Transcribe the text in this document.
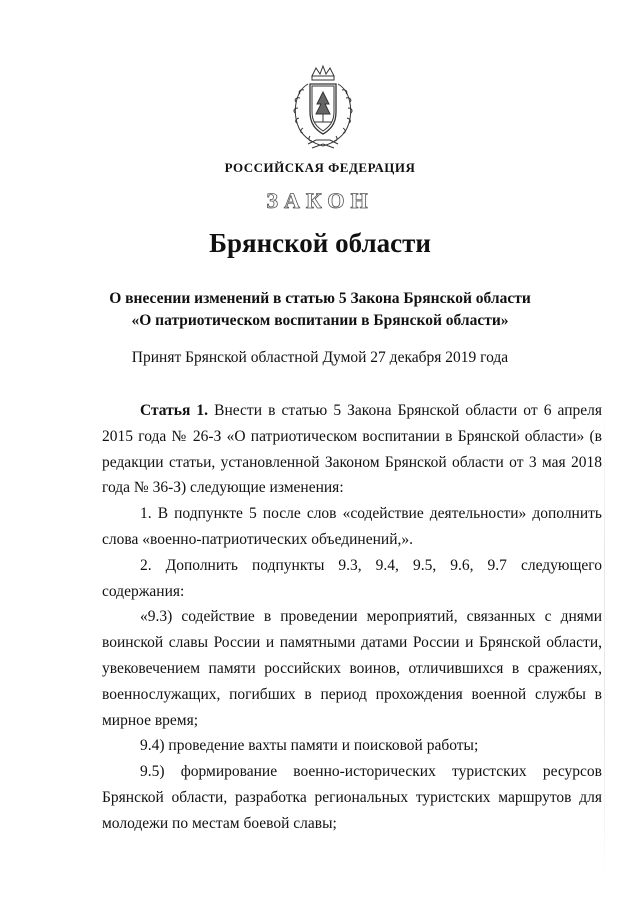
РОССИЙСКАЯ ФЕДЕРАЦИЯ
ЗАКОН
Брянской области
О внесении изменений в статью 5 Закона Брянской области
«О патриотическом воспитании в Брянской области»
Принят Брянской областной Думой 27 декабря 2019 года

Статья 1. Внести в статью 5 Закона Брянской области от 6 апреля 2015 года № 26-З «О патриотическом воспитании в Брянской области» (в редакции статьи, установленной Законом Брянской области от 3 мая 2018 года № 36-З) следующие изменения:

1. В подпункте 5 после слов «содействие деятельности» дополнить слова «военно-патриотических объединений,».

2. Дополнить подпункты 9.3, 9.4, 9.5, 9.6, 9.7 следующего содержания:

«9.3) содействие в проведении мероприятий, связанных с днями воинской славы России и памятными датами России и Брянской области, увековечением памяти российских воинов, отличившихся в сражениях, военнослужащих, погибших в период прохождения военной службы в мирное время;

9.4) проведение вахты памяти и поисковой работы;

9.5) формирование военно-исторических туристских ресурсов Брянской области, разработка региональных туристских маршрутов для молодежи по местам боевой славы;
